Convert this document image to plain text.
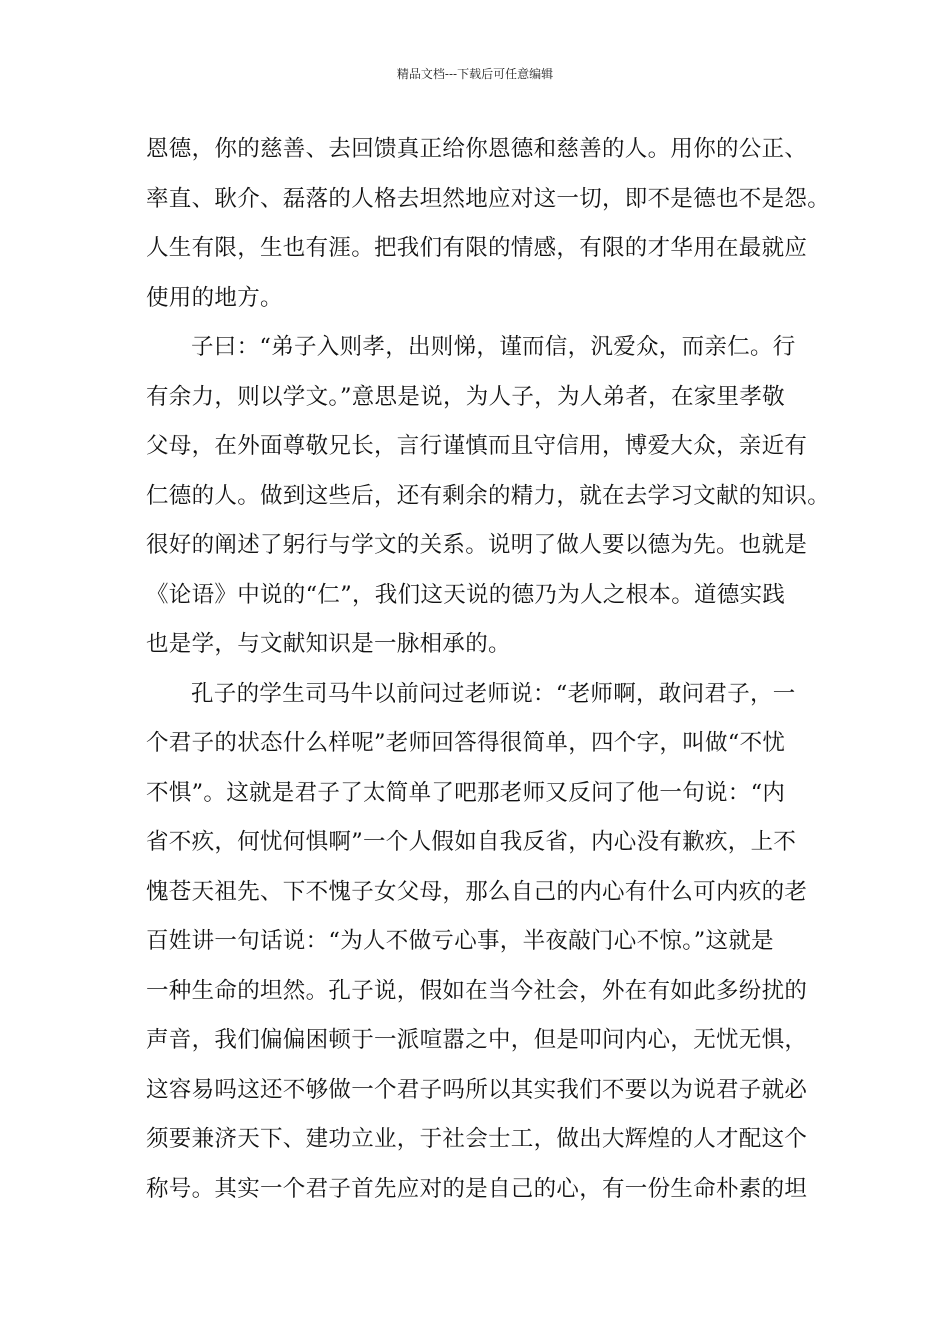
精品文档---下载后可任意编辑
恩德，你的慈善、去回馈真正给你恩德和慈善的人。用你的公正、
率直、耿介、磊落的人格去坦然地应对这一切，即不是德也不是怨。
人生有限，生也有涯。把我们有限的情感，有限的才华用在最就应
使用的地方。
子曰：“弟子入则孝，出则悌，谨而信，汎爱众，而亲仁。行
有余力，则以学文。”意思是说，为人子，为人弟者，在家里孝敬
父母，在外面尊敬兄长，言行谨慎而且守信用，博爱大众，亲近有
仁德的人。做到这些后，还有剩余的精力，就在去学习文献的知识。
很好的阐述了躬行与学文的关系。说明了做人要以德为先。也就是
《论语》中说的“仁”，我们这天说的德乃为人之根本。道德实践
也是学，与文献知识是一脉相承的。
孔子的学生司马牛以前问过老师说：“老师啊，敢问君子，一
个君子的状态什么样呢”老师回答得很简单，四个字，叫做“不忧
不惧”。这就是君子了太简单了吧那老师又反问了他一句说：“内
省不疚，何忧何惧啊”一个人假如自我反省，内心没有歉疚，上不
愧苍天祖先、下不愧子女父母，那么自己的内心有什么可内疚的老
百姓讲一句话说：“为人不做亏心事，半夜敲门心不惊。”这就是
一种生命的坦然。孔子说，假如在当今社会，外在有如此多纷扰的
声音，我们偏偏困顿于一派喧嚣之中，但是叩问内心，无忧无惧，
这容易吗这还不够做一个君子吗所以其实我们不要以为说君子就必
须要兼济天下、建功立业，于社会士工，做出大辉煌的人才配这个
称号。其实一个君子首先应对的是自己的心，有一份生命朴素的坦
